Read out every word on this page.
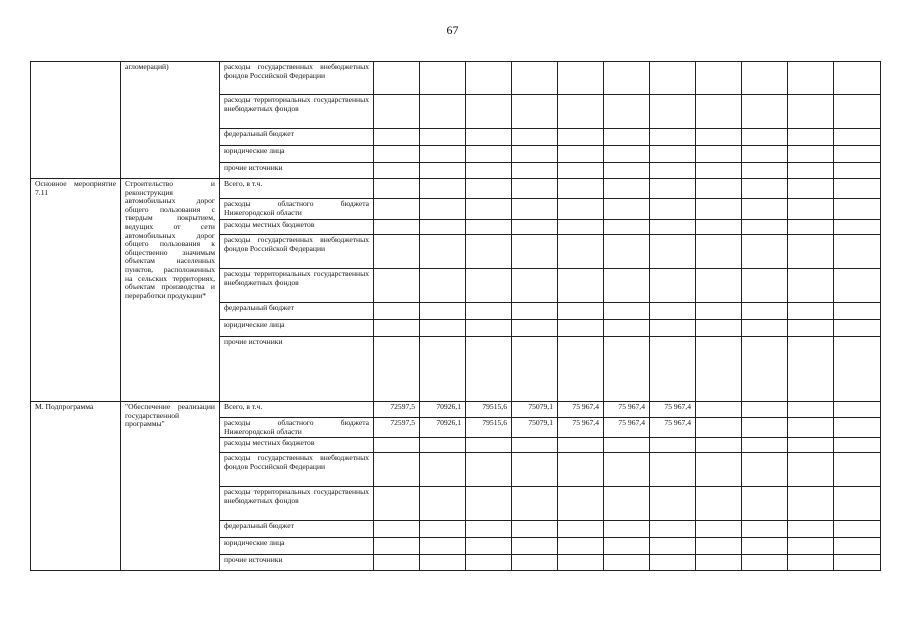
67
	агломераций)	расходы государственных внебюджетных фондов Российской Федерации												
		расходы территориальных государственных внебюджетных фондов												
		федеральный бюджет												
		юридические лица												
		прочие источники												
Основное мероприятие 7.11	Строительство и реконструкция автомобильных дорог общего пользования с твердым покрытием, ведущих от сети автомобильных дорог общего пользования к общественно значимым объектам населенных пунктов, расположенных на сельских территориях, объектам производства и переработки продукции*	Всего, в т.ч.												
		расходы областного бюджета Нижегородской области												
		расходы местных бюджетов												
		расходы государственных внебюджетных фондов Российской Федерации												
		расходы территориальных государственных внебюджетных фондов												
		федеральный бюджет												
		юридические лица												
		прочие источники												
М. Подпрограмма	"Обеспечение реализации государственной программы"	Всего, в т.ч.	72597,5	70926,1	79515,6	75079,1	75 967,4	75 967,4	75 967,4					
		расходы областного бюджета Нижегородской области	72597,5	70926,1	79515,6	75079,1	75 967,4	75 967,4	75 967,4					
		расходы местных бюджетов												
		расходы государственных внебюджетных фондов Российской Федерации												
		расходы территориальных государственных внебюджетных фондов												
		федеральный бюджет												
		юридические лица												
		прочие источники												
